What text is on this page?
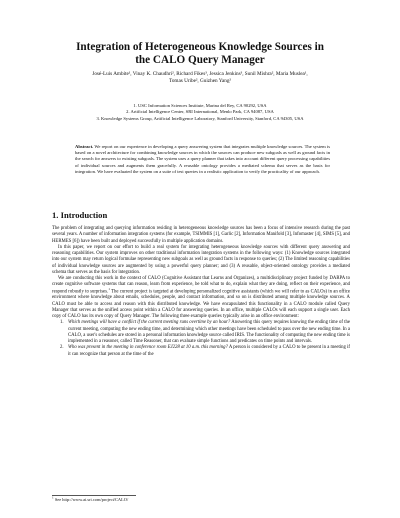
Integration of Heterogeneous Knowledge Sources in
the CALO Query Manager
José-Luis Ambite¹, Vinay K. Chaudhri², Richard Fikes³, Jessica Jenkins³, Sunil Mishra², Maria Muslea¹,
Tomas Uribe², Guizhen Yang²
1. USC Information Sciences Institute, Marina del Rey, CA 90292, USA
2. Artificial Intelligence Center, SRI International, Menlo Park, CA 94087, USA
3. Knowledge Systems Group, Artificial Intelligence Laboratory, Stanford University, Stanford, CA 94305, USA
Abstract. We report on our experience in developing a query answering system that integrates multiple knowledge sources. The system is based on a novel architecture for combining knowledge sources in which the sources can produce new subgoals as well as ground facts in the search for answers to existing subgoals. The system uses a query planner that takes into account different query processing capabilities of individual sources and augments them gracefully. A reusable ontology provides a mediated schema that serves as the basis for integration. We have evaluated the system on a suite of test queries in a realistic application to verify the practicality of our approach.
1. Introduction

The problem of integrating and querying information residing in heterogeneous knowledge sources has been a focus of intensive research during the past several years. A number of information integration systems (for example, TSIMMIS [1], Garlic [2], Information Manifold [3], Infomaster [4], SIMS [5], and HERMES [6]) have been built and deployed successfully in multiple application domains.

In this paper, we report on our effort to build a real system for integrating heterogeneous knowledge sources with different query answering and reasoning capabilities. Our system improves on other traditional information integration systems in the following ways: (1) Knowledge sources integrated into our system may return logical formulae representing new subgoals as well as ground facts in response to queries; (2) The limited reasoning capabilities of individual knowledge sources are augmented by using a powerful query planner; and (3) A reusable, object-oriented ontology provides a mediated schema that serves as the basis for integration.

We are conducting this work in the context of CALO (Cognitive Assistant that Learns and Organizes), a multidisciplinary project funded by DARPA to create cognitive software systems that can reason, learn from experience, be told what to do, explain what they are doing, reflect on their experience, and respond robustly to surprises.$^1$ The current project is targeted at developing personalized cognitive assistants (which we will refer to as CALOs) in an office environment where knowledge about emails, schedules, people, and contact information, and so on is distributed among multiple knowledge sources. A CALO must be able to access and reason with this distributed knowledge. We have encapsulated this functionality in a CALO module called Query Manager that serves as the unified access point within a CALO for answering queries. In an office, multiple CALOs will each support a single user. Each copy of CALO has its own copy of Query Manager. The following three example queries typically arise in an office environment:

1. Which meetings will have a conflict if the current meeting runs overtime by an hour? Answering this query requires knowing the ending time of the current meeting, computing the new ending time, and determining which other meetings have been scheduled to pass over the new ending time. In a CALO, a user's schedules are stored in a personal information knowledge source called IRIS. The functionality of computing the new ending time is implemented in a reasoner, called Time Reasoner, that can evaluate simple functions and predicates on time points and intervals.
2. Who was present in the meeting in conference room EJ228 at 10 a.m. this morning? A person is considered by a CALO to be present in a meeting if it can recognize that person at the time of the
$^1$ See http://www.ai.sri.com/project/CALO/
